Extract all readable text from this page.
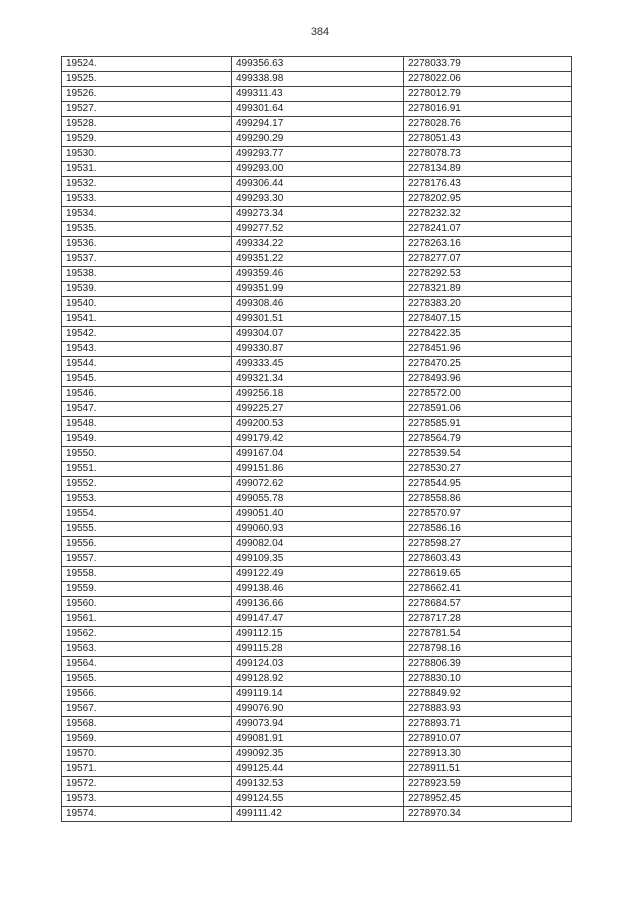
384
19524.	499356.63	2278033.79
19525.	499338.98	2278022.06
19526.	499311.43	2278012.79
19527.	499301.64	2278016.91
19528.	499294.17	2278028.76
19529.	499290.29	2278051.43
19530.	499293.77	2278078.73
19531.	499293.00	2278134.89
19532.	499306.44	2278176.43
19533.	499293.30	2278202.95
19534.	499273.34	2278232.32
19535.	499277.52	2278241.07
19536.	499334.22	2278263.16
19537.	499351.22	2278277.07
19538.	499359.46	2278292.53
19539.	499351.99	2278321.89
19540.	499308.46	2278383.20
19541.	499301.51	2278407.15
19542.	499304.07	2278422.35
19543.	499330.87	2278451.96
19544.	499333.45	2278470.25
19545.	499321.34	2278493.96
19546.	499256.18	2278572.00
19547.	499225.27	2278591.06
19548.	499200.53	2278585.91
19549.	499179.42	2278564.79
19550.	499167.04	2278539.54
19551.	499151.86	2278530.27
19552.	499072.62	2278544.95
19553.	499055.78	2278558.86
19554.	499051.40	2278570.97
19555.	499060.93	2278586.16
19556.	499082.04	2278598.27
19557.	499109.35	2278603.43
19558.	499122.49	2278619.65
19559.	499138.46	2278662.41
19560.	499136.66	2278684.57
19561.	499147.47	2278717.28
19562.	499112.15	2278781.54
19563.	499115.28	2278798.16
19564.	499124.03	2278806.39
19565.	499128.92	2278830.10
19566.	499119.14	2278849.92
19567.	499076.90	2278883.93
19568.	499073.94	2278893.71
19569.	499081.91	2278910.07
19570.	499092.35	2278913.30
19571.	499125.44	2278911.51
19572.	499132.53	2278923.59
19573.	499124.55	2278952.45
19574.	499111.42	2278970.34
